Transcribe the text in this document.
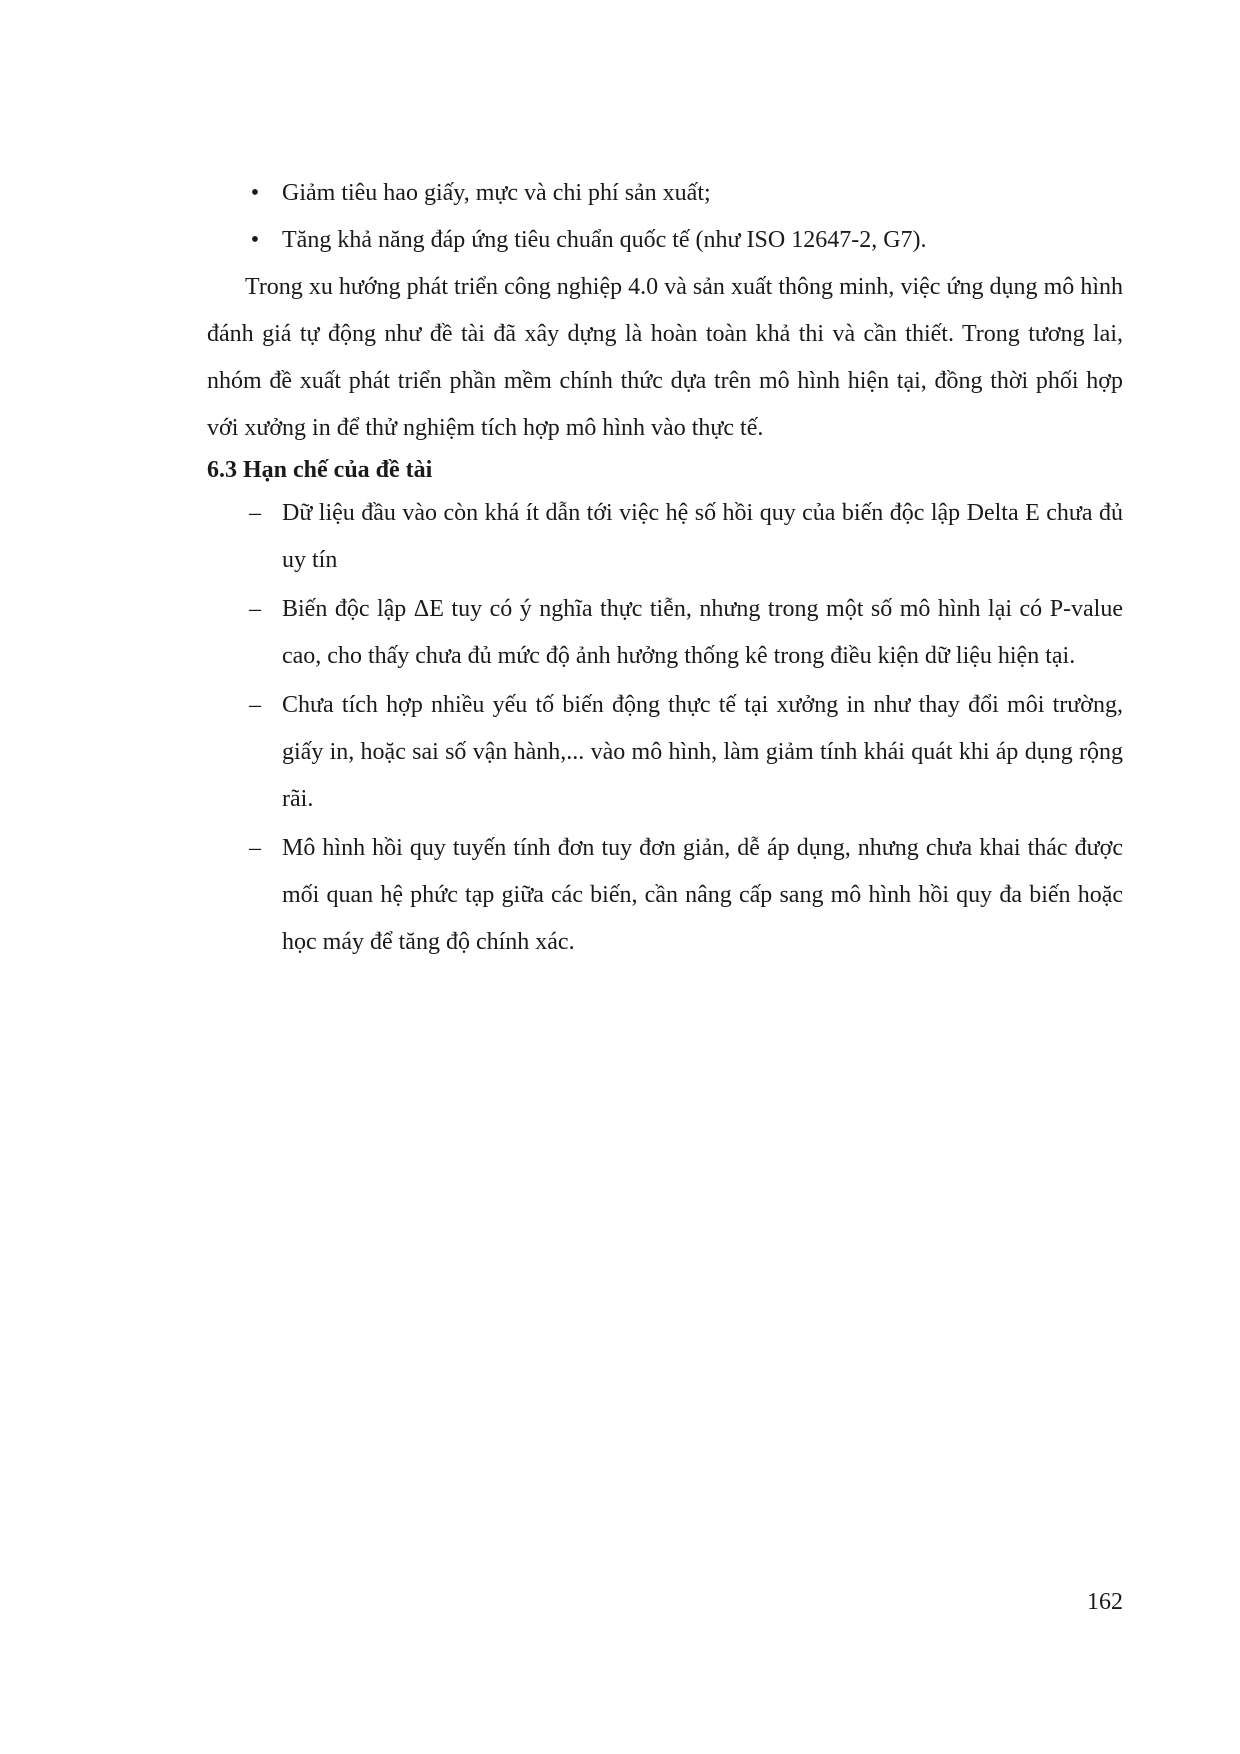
• Giảm tiêu hao giấy, mực và chi phí sản xuất;
• Tăng khả năng đáp ứng tiêu chuẩn quốc tế (như ISO 12647-2, G7).

Trong xu hướng phát triển công nghiệp 4.0 và sản xuất thông minh, việc ứng dụng mô hình đánh giá tự động như đề tài đã xây dựng là hoàn toàn khả thi và cần thiết. Trong tương lai, nhóm đề xuất phát triển phần mềm chính thức dựa trên mô hình hiện tại, đồng thời phối hợp với xưởng in để thử nghiệm tích hợp mô hình vào thực tế.

6.3 Hạn chế của đề tài
– Dữ liệu đầu vào còn khá ít dẫn tới việc hệ số hồi quy của biến độc lập Delta E chưa đủ uy tín
– Biến độc lập ΔE tuy có ý nghĩa thực tiễn, nhưng trong một số mô hình lại có P-value cao, cho thấy chưa đủ mức độ ảnh hưởng thống kê trong điều kiện dữ liệu hiện tại.
– Chưa tích hợp nhiều yếu tố biến động thực tế tại xưởng in như thay đổi môi trường, giấy in, hoặc sai số vận hành,... vào mô hình, làm giảm tính khái quát khi áp dụng rộng rãi.
– Mô hình hồi quy tuyến tính đơn tuy đơn giản, dễ áp dụng, nhưng chưa khai thác được mối quan hệ phức tạp giữa các biến, cần nâng cấp sang mô hình hồi quy đa biến hoặc học máy để tăng độ chính xác.
162
